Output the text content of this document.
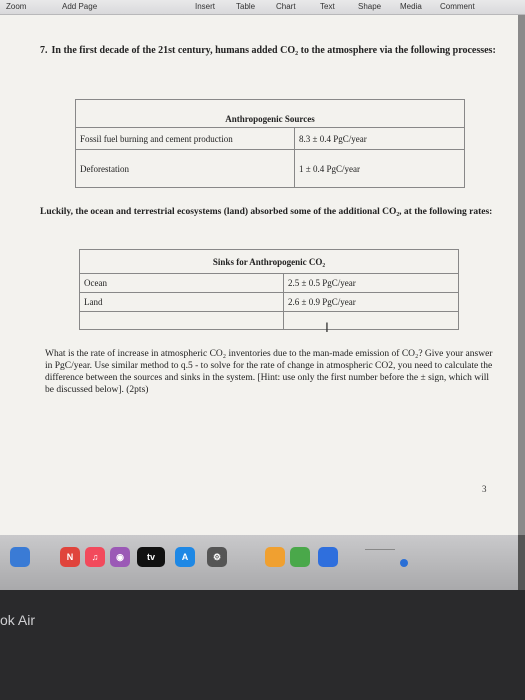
Zoom	Add Page	Insert	Table	Chart	Text	Shape Media Comment
7. In the first decade of the 21st century, humans added CO₂ to the atmosphere via the following processes:
Anthropogenic Sources	
Fossil fuel burning and cement production	8.3 ± 0.4 PgC/year
Deforestation	1 ± 0.4 PgC/year
Luckily, the ocean and terrestrial ecosystems (land) absorbed some of the additional CO₂, at the following rates:
Sinks for Anthropogenic CO₂	
Ocean	2.5 ± 0.5 PgC/year
Land	2.6 ± 0.9 PgC/year

I
What is the rate of increase in atmospheric CO₂ inventories due to the man-made emission of CO₂? Give your answer in PgC/year. Use similar method to q.5 - to solve for the rate of change in atmospheric CO2, you need to calculate the difference between the sources and sinks in the system. [Hint: use only the first number before the ± sign, which will be discussed below]. (2pts)
3
N	♫	◉	tv	A	⚙
ok Air
